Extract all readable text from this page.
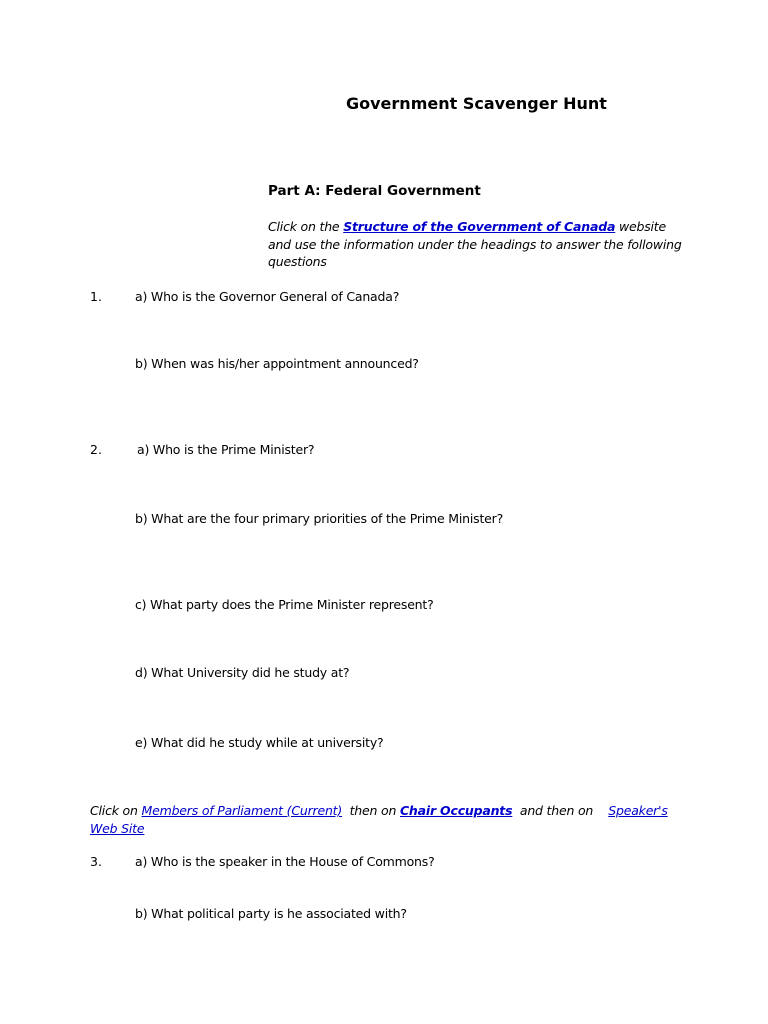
Government Scavenger Hunt
Part A: Federal Government
Click on the Structure of the Government of Canada website and use the information under the headings to answer the following questions
1.	a) Who is the Governor General of Canada?
b) When was his/her appointment announced?
2.	a) Who is the Prime Minister?
b) What are the four primary priorities of the Prime Minister?
c) What party does the Prime Minister represent?
d) What University did he study at?
e) What did he study while at university?
Click on Members of Parliament (Current)  then on Chair Occupants  and then on    Speaker's Web Site
3.	a) Who is the speaker in the House of Commons?
b) What political party is he associated with?
